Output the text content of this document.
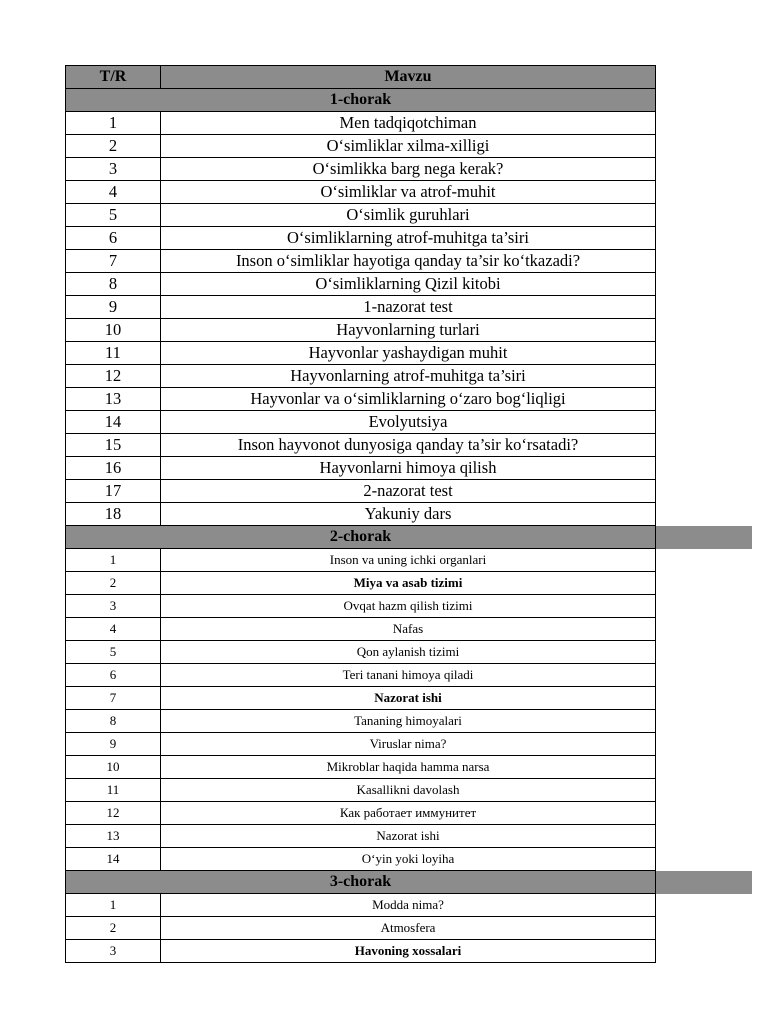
T/R	Mavzu
1-chorak	
1	Men tadqiqotchiman
2	O‘simliklar xilma-xilligi
3	O‘simlikka barg nega kerak?
4	O‘simliklar va atrof-muhit
5	O‘simlik guruhlari
6	O‘simliklarning atrof-muhitga ta’siri
7	Inson o‘simliklar hayotiga qanday ta’sir ko‘tkazadi?
8	O‘simliklarning Qizil kitobi
9	1-nazorat test
10	Hayvonlarning turlari
11	Hayvonlar yashaydigan muhit
12	Hayvonlarning atrof-muhitga ta’siri
13	Hayvonlar va o‘simliklarning o‘zaro bog‘liqligi
14	Evolyutsiya
15	Inson hayvonot dunyosiga qanday ta’sir ko‘rsatadi?
16	Hayvonlarni himoya qilish
17	2-nazorat test
18	Yakuniy dars
2-chorak	
1	Inson va uning ichki organlari
2	Miya va asab tizimi
3	Ovqat hazm qilish tizimi
4	Nafas
5	Qon aylanish tizimi
6	Teri tanani himoya qiladi
7	Nazorat ishi
8	Tananing himoyalari
9	Viruslar nima?
10	Mikroblar haqida hamma narsa
11	Kasallikni davolash
12	Как работает иммунитет
13	Nazorat ishi
14	O‘yin yoki loyiha
3-chorak	
1	Modda nima?
2	Atmosfera
3	Havoning xossalari
